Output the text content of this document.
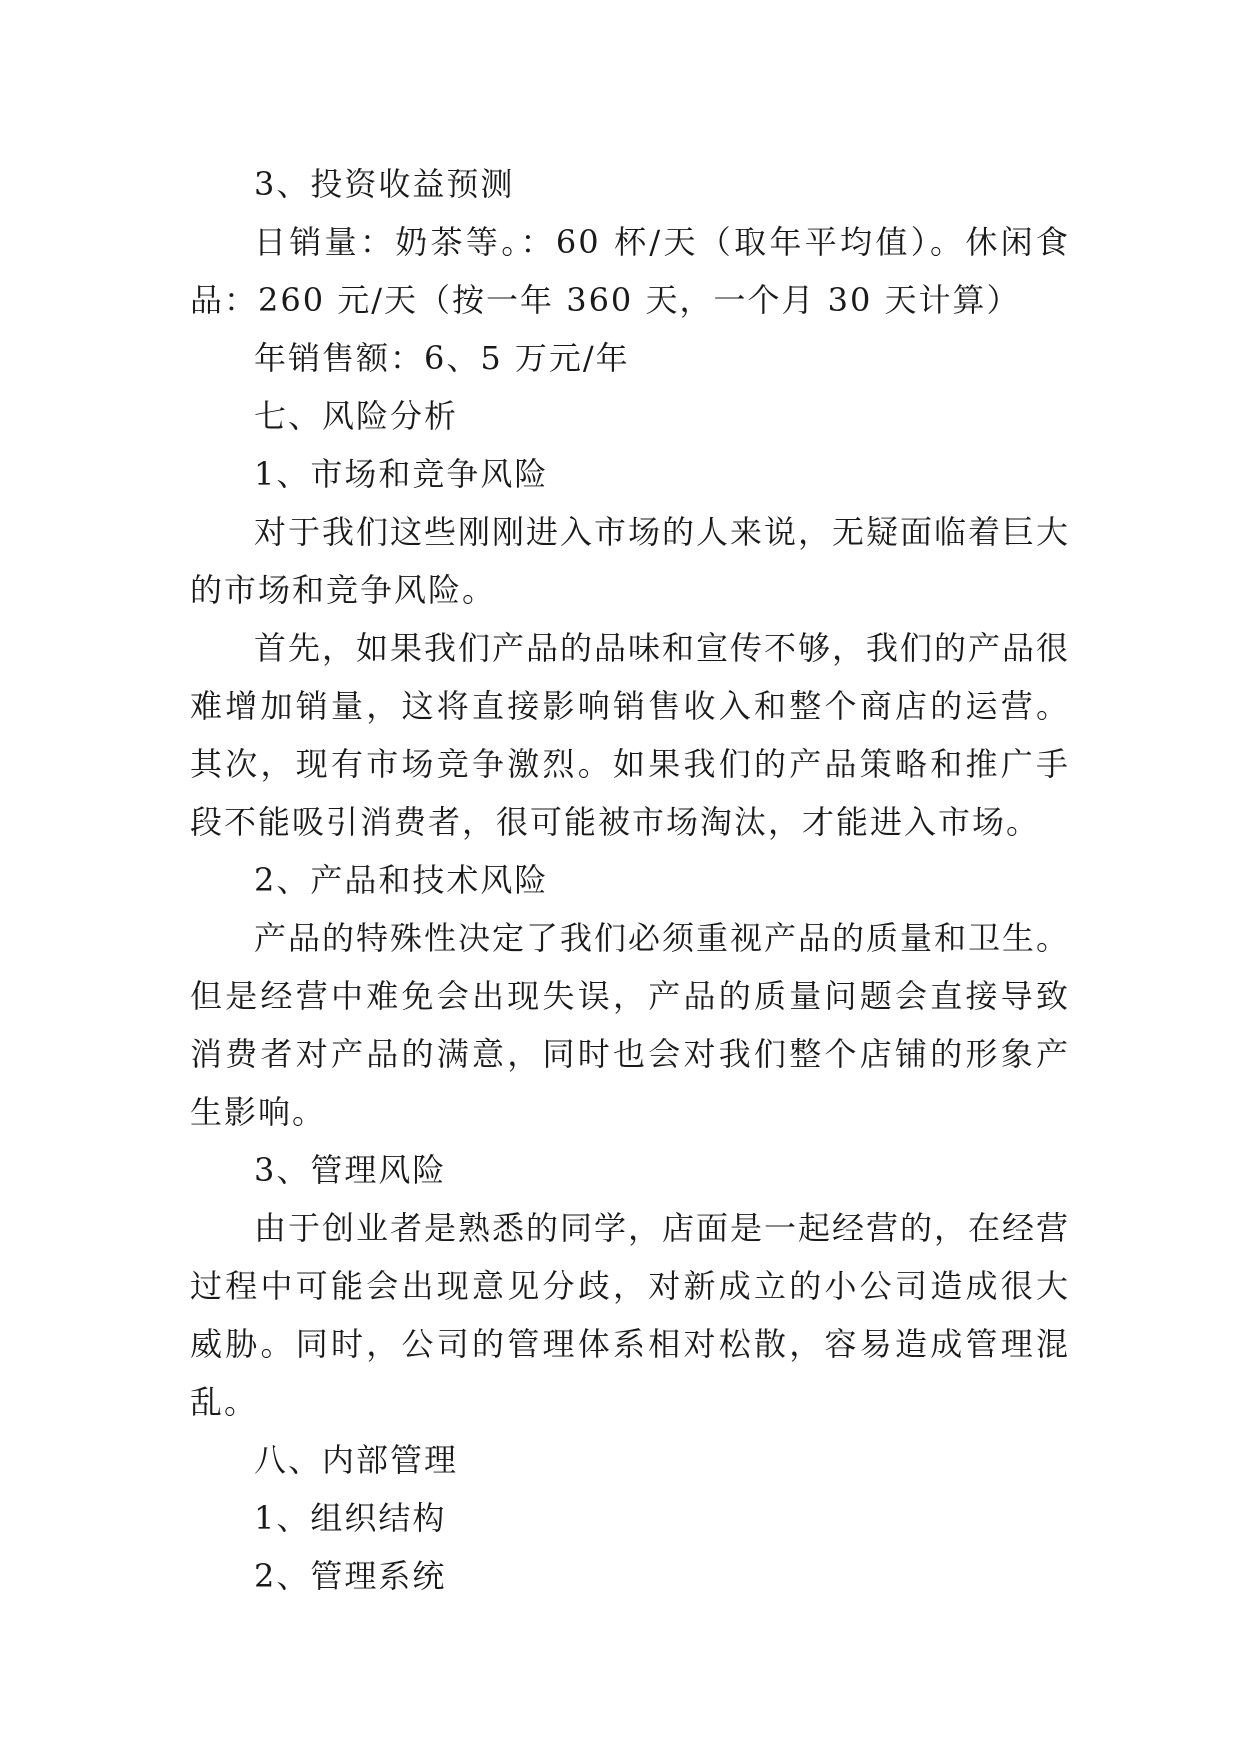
3、投资收益预测

日销量：奶茶等。：60 杯/天（取年平均值）。休闲食品：260 元/天（按一年 360 天，一个月 30 天计算）

年销售额：6、5 万元/年

七、风险分析

1、市场和竞争风险

对于我们这些刚刚进入市场的人来说，无疑面临着巨大的市场和竞争风险。

首先，如果我们产品的品味和宣传不够，我们的产品很难增加销量，这将直接影响销售收入和整个商店的运营。其次，现有市场竞争激烈。如果我们的产品策略和推广手段不能吸引消费者，很可能被市场淘汰，才能进入市场。

2、产品和技术风险

产品的特殊性决定了我们必须重视产品的质量和卫生。但是经营中难免会出现失误，产品的质量问题会直接导致消费者对产品的满意，同时也会对我们整个店铺的形象产生影响。

3、管理风险

由于创业者是熟悉的同学，店面是一起经营的，在经营过程中可能会出现意见分歧，对新成立的小公司造成很大威胁。同时，公司的管理体系相对松散，容易造成管理混乱。

八、内部管理

1、组织结构

2、管理系统
